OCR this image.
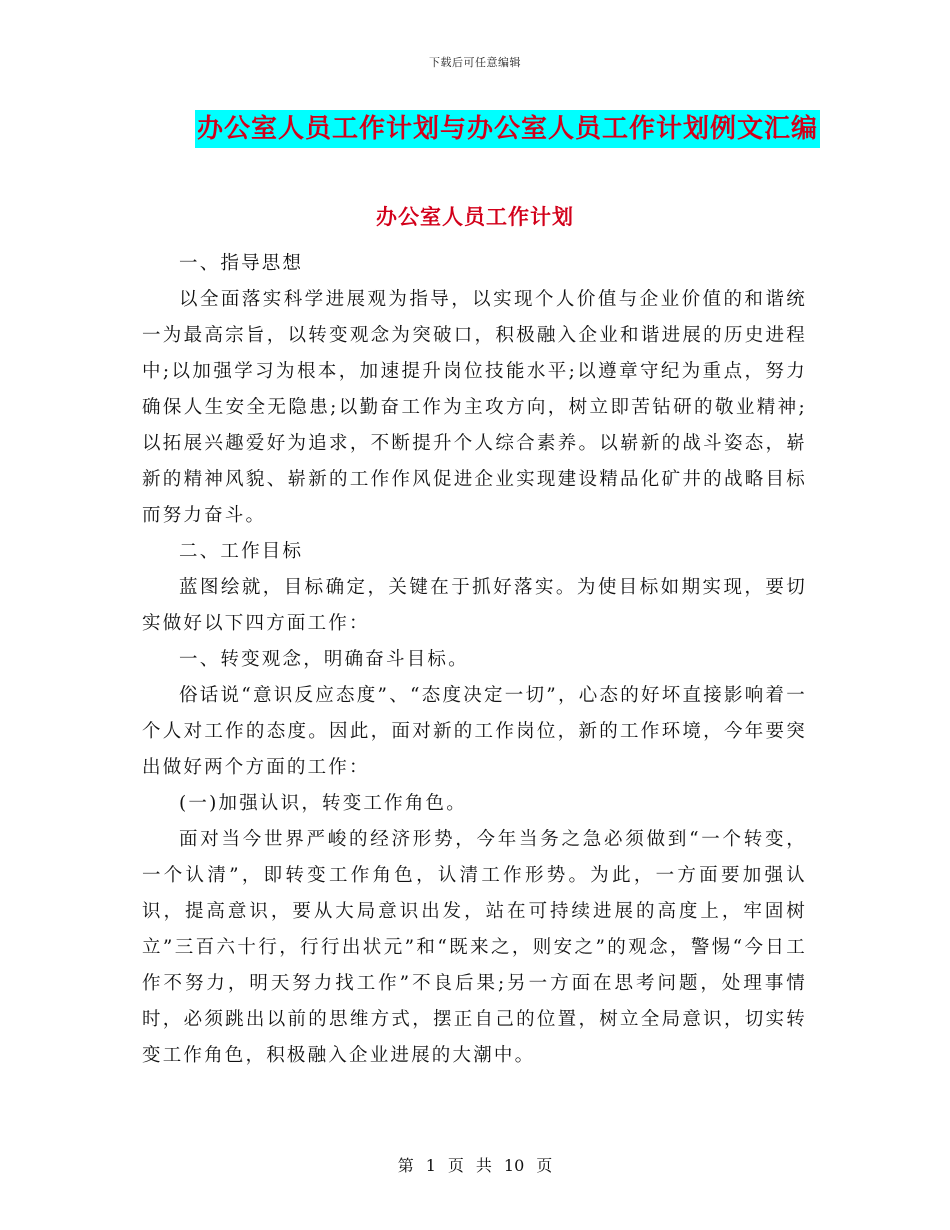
下载后可任意编辑
办公室人员工作计划与办公室人员工作计划例文汇编
办公室人员工作计划

一、指导思想

以全面落实科学进展观为指导，以实现个人价值与企业价值的和谐统一为最高宗旨，以转变观念为突破口，积极融入企业和谐进展的历史进程中;以加强学习为根本，加速提升岗位技能水平;以遵章守纪为重点，努力确保人生安全无隐患;以勤奋工作为主攻方向，树立即苦钻研的敬业精神;以拓展兴趣爱好为追求，不断提升个人综合素养。以崭新的战斗姿态，崭新的精神风貌、崭新的工作作风促进企业实现建设精品化矿井的战略目标而努力奋斗。

二、工作目标

蓝图绘就，目标确定，关键在于抓好落实。为使目标如期实现，要切实做好以下四方面工作：

一、转变观念，明确奋斗目标。

俗话说“意识反应态度”、“态度决定一切”，心态的好坏直接影响着一个人对工作的态度。因此，面对新的工作岗位，新的工作环境，今年要突出做好两个方面的工作：

(一)加强认识，转变工作角色。

面对当今世界严峻的经济形势，今年当务之急必须做到“一个转变，一个认清”，即转变工作角色，认清工作形势。为此，一方面要加强认识，提高意识，要从大局意识出发，站在可持续进展的高度上，牢固树立”三百六十行，行行出状元”和“既来之，则安之”的观念，警惕“今日工作不努力，明天努力找工作”不良后果;另一方面在思考问题，处理事情时，必须跳出以前的思维方式，摆正自己的位置，树立全局意识，切实转变工作角色，积极融入企业进展的大潮中。

第 1 页 共 10 页
